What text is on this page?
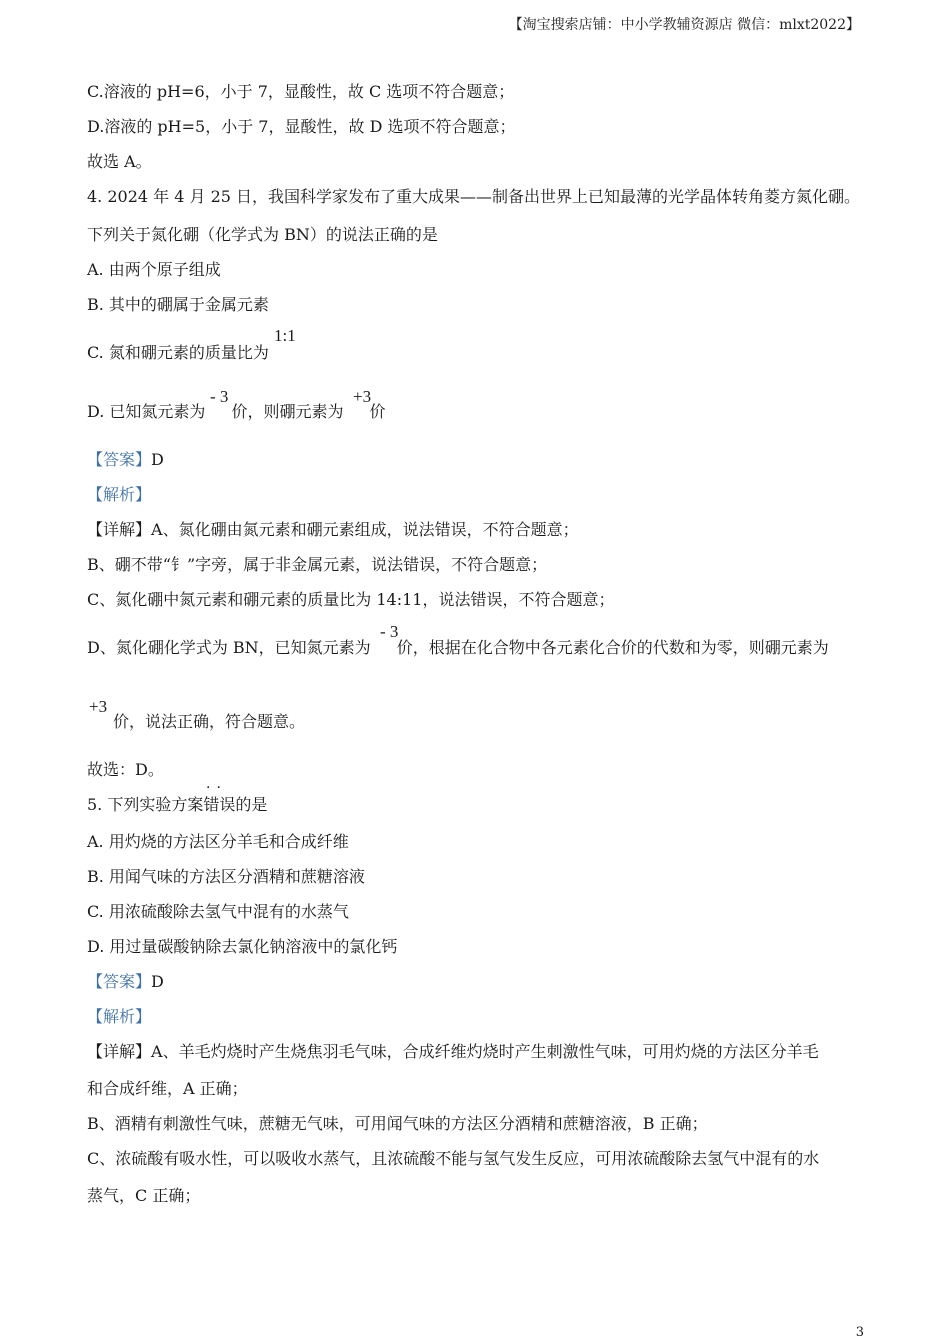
【淘宝搜索店铺：中小学教辅资源店 微信：mlxt2022】
C.溶液的 pH=6，小于 7，显酸性，故 C 选项不符合题意；
D.溶液的 pH=5，小于 7，显酸性，故 D 选项不符合题意；
故选 A。
4. 2024 年 4 月 25 日，我国科学家发布了重大成果——制备出世界上已知最薄的光学晶体转角菱方氮化硼。
下列关于氮化硼（化学式为 BN）的说法正确的是
A. 由两个原子组成
B. 其中的硼属于金属元素
C. 氮和硼元素的质量比为
1:1
D. 已知氮元素为 价，则硼元素为 价
- 3	+3
【答案】D
【解析】
【详解】A、氮化硼由氮元素和硼元素组成，说法错误，不符合题意；
B、硼不带“钅”字旁，属于非金属元素，说法错误，不符合题意；
C、氮化硼中氮元素和硼元素的质量比为 14:11，说法错误，不符合题意；
D、氮化硼化学式为 BN，已知氮元素为 价，根据在化合物中各元素化合价的代数和为零，则硼元素为
- 3
+3
价，说法正确，符合题意。
故选：D。
5. 下列实验方案错误的是
··
A. 用灼烧的方法区分羊毛和合成纤维
B. 用闻气味的方法区分酒精和蔗糖溶液
C. 用浓硫酸除去氢气中混有的水蒸气
D. 用过量碳酸钠除去氯化钠溶液中的氯化钙
【答案】D
【解析】
【详解】A、羊毛灼烧时产生烧焦羽毛气味，合成纤维灼烧时产生刺激性气味，可用灼烧的方法区分羊毛
和合成纤维，A 正确；
B、酒精有刺激性气味，蔗糖无气味，可用闻气味的方法区分酒精和蔗糖溶液，B 正确；
C、浓硫酸有吸水性，可以吸收水蒸气，且浓硫酸不能与氢气发生反应，可用浓硫酸除去氢气中混有的水
蒸气，C 正确；
3
